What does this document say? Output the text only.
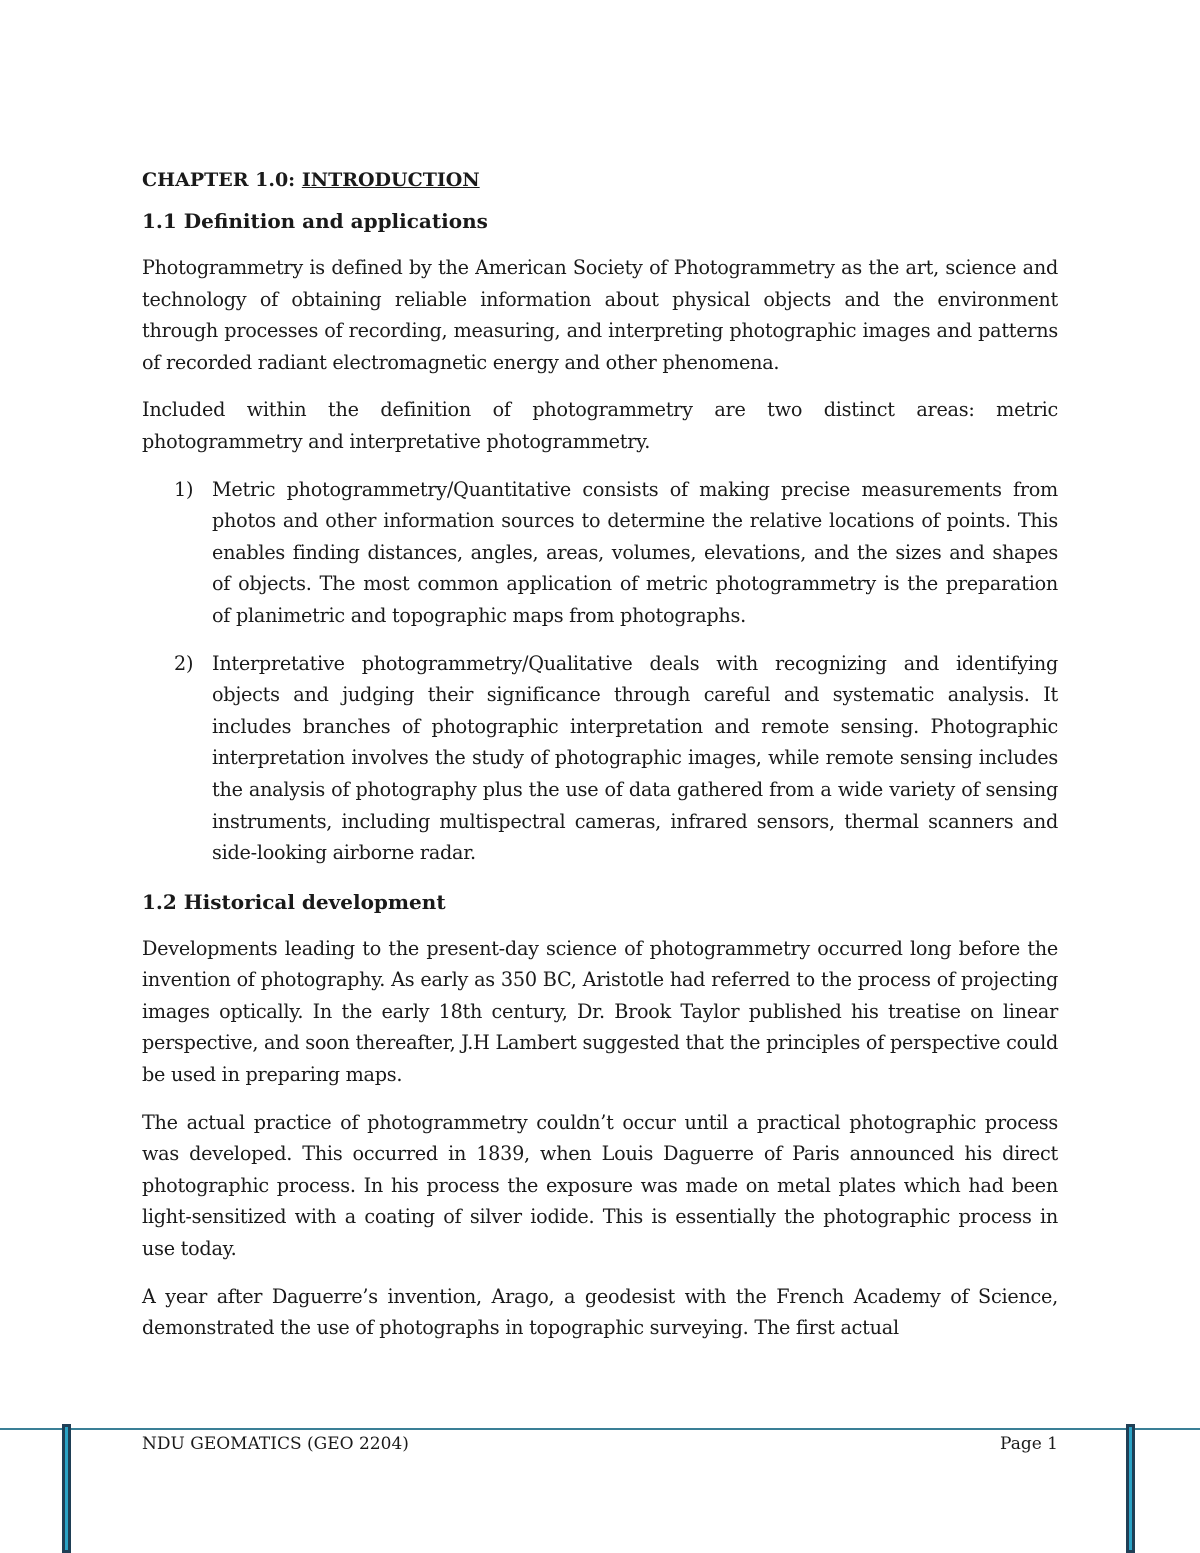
CHAPTER 1.0: INTRODUCTION
1.1 Definition and applications

Photogrammetry is defined by the American Society of Photogrammetry as the art, science and technology of obtaining reliable information about physical objects and the environment through processes of recording, measuring, and interpreting photographic images and patterns of recorded radiant electromagnetic energy and other phenomena.

Included within the definition of photogrammetry are two distinct areas: metric photogrammetry and interpretative photogrammetry.

1) Metric photogrammetry/Quantitative consists of making precise measurements from photos and other information sources to determine the relative locations of points. This enables finding distances, angles, areas, volumes, elevations, and the sizes and shapes of objects. The most common application of metric photogrammetry is the preparation of planimetric and topographic maps from photographs.
2) Interpretative photogrammetry/Qualitative deals with recognizing and identifying objects and judging their significance through careful and systematic analysis. It includes branches of photographic interpretation and remote sensing. Photographic interpretation involves the study of photographic images, while remote sensing includes the analysis of photography plus the use of data gathered from a wide variety of sensing instruments, including multispectral cameras, infrared sensors, thermal scanners and side-looking airborne radar.
1.2 Historical development

Developments leading to the present-day science of photogrammetry occurred long before the invention of photography. As early as 350 BC, Aristotle had referred to the process of projecting images optically. In the early 18th century, Dr. Brook Taylor published his treatise on linear perspective, and soon thereafter, J.H Lambert suggested that the principles of perspective could be used in preparing maps.

The actual practice of photogrammetry couldn’t occur until a practical photographic process was developed. This occurred in 1839, when Louis Daguerre of Paris announced his direct photographic process. In his process the exposure was made on metal plates which had been light-sensitized with a coating of silver iodide. This is essentially the photographic process in use today.

A year after Daguerre’s invention, Arago, a geodesist with the French Academy of Science, demonstrated the use of photographs in topographic surveying. The first actual

NDU GEOMATICS (GEO 2204)	Page 1
